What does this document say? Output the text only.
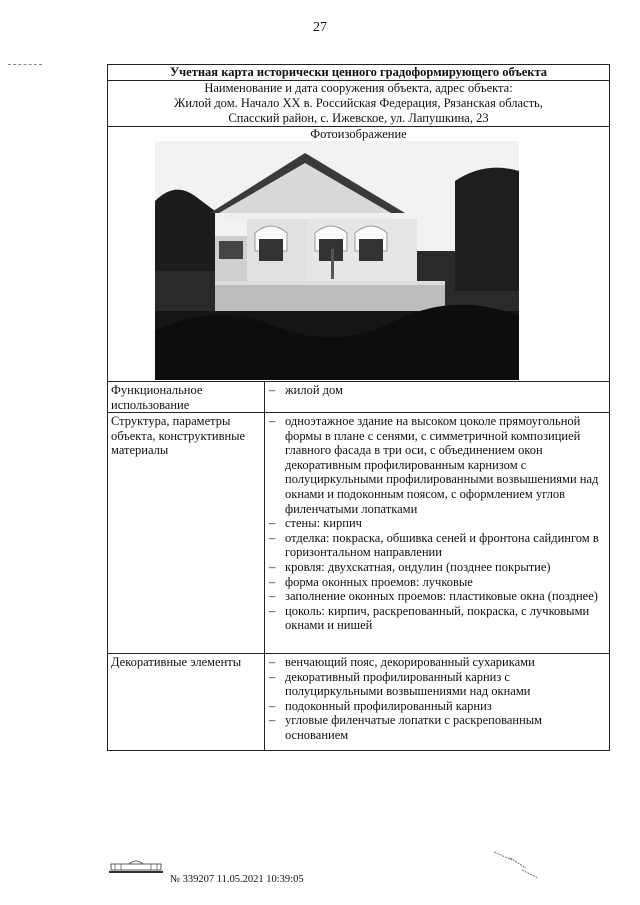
27
Учетная карта исторически ценного градоформирующего объекта
Наименование и дата сооружения объекта, адрес объекта:
Жилой дом. Начало XX в. Российская Федерация, Рязанская область,
Спасский район, с. Ижевское, ул. Лапушкина, 23
Фотоизображение
Функциональное использование
– жилой дом
Структура, параметры объекта, конструктивные материалы
– одноэтажное здание на высоком цоколе прямоугольной формы в плане с сенями, с симметричной композицией главного фасада в три оси, с объединением окон декоративным профилированным карнизом с полуциркульными профилированными возвышениями над окнами и подоконным поясом, с оформлением углов филенчатыми лопатками
– стены: кирпич
– отделка: покраска, обшивка сеней и фронтона сайдингом в горизонтальном направлении
– кровля: двухскатная, ондулин (позднее покрытие)
– форма оконных проемов: лучковые
– заполнение оконных проемов: пластиковые окна (позднее)
– цоколь: кирпич, раскрепованный, покраска, с лучковыми окнами и нишей
Декоративные элементы
–	венчающий пояс, декорированный сухариками
– декоративный профилированный карниз с полуциркульными возвышениями над окнами
– подоконный профилированный карниз
– угловые филенчатые лопатки с раскрепованным основанием
№ 339207 11.05.2021 10:39:05
